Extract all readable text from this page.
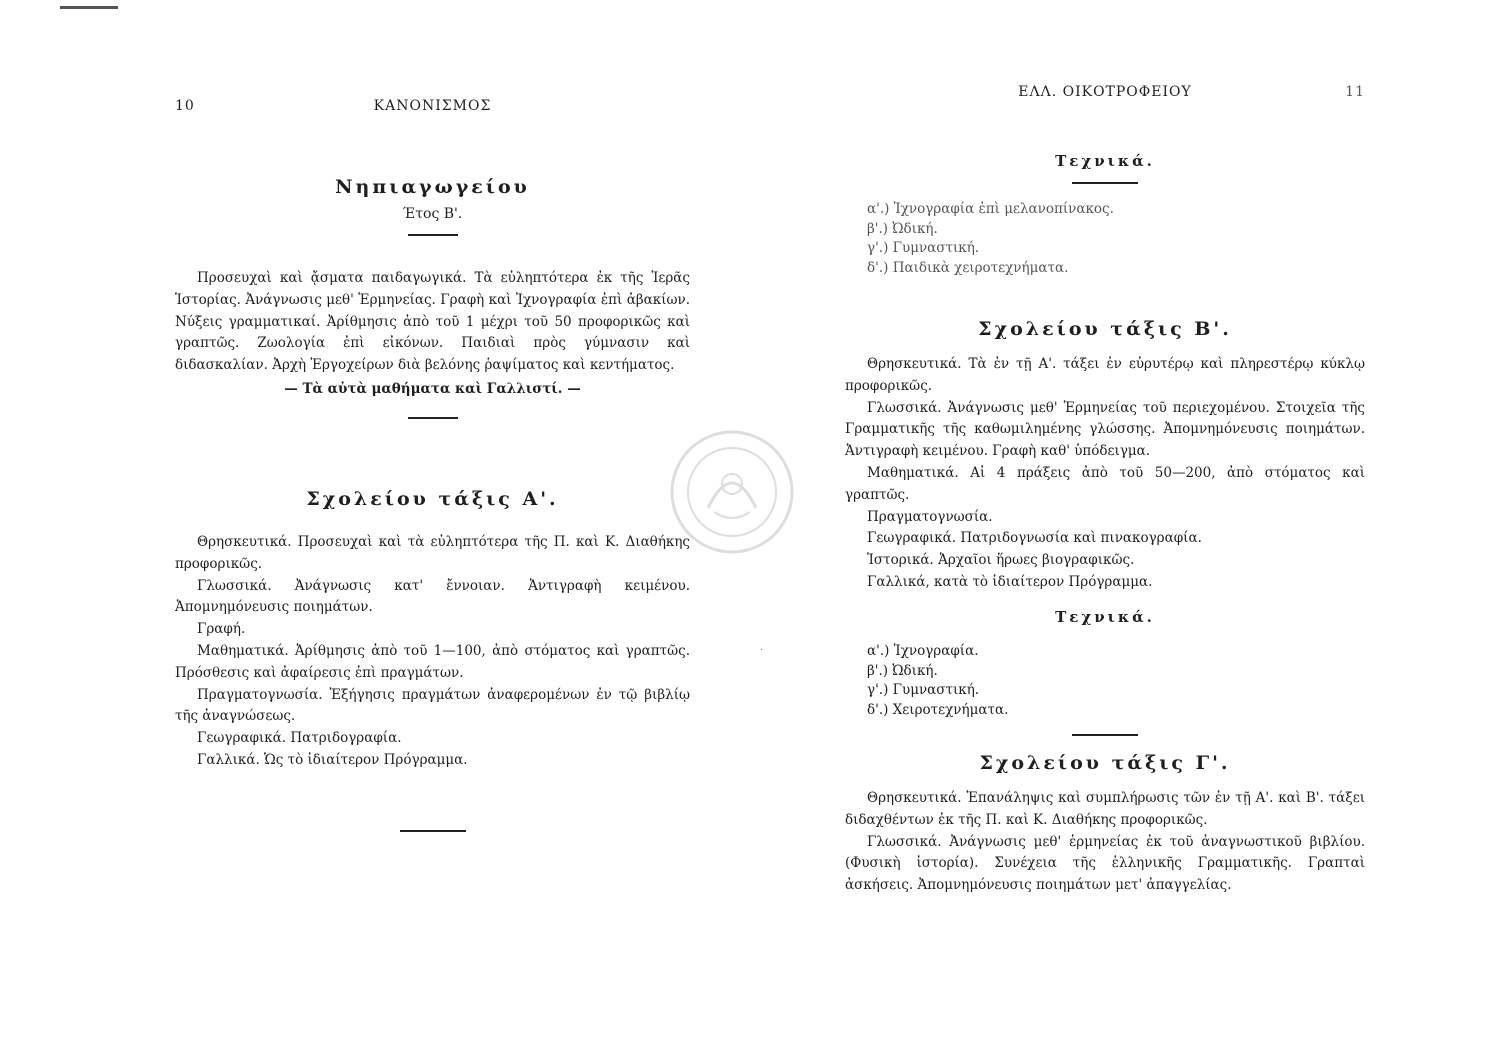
10	ΚΑΝΟΝΙΣΜΟΣ
Νηπιαγωγείου
Έτος Β'.

Προσευχαὶ καὶ ᾄσματα παιδαγωγικά. Τὰ εὐληπτότερα ἐκ τῆς Ἱερᾶς Ἱστορίας. Ἀνάγνωσις μεθ' Ἑρμηνείας. Γραφὴ καὶ Ἰχνογραφία ἐπὶ ἀβακίων. Νύξεις γραμματικαί. Ἀρίθμησις ἀπὸ τοῦ 1 μέχρι τοῦ 50 προφορικῶς καὶ γραπτῶς. Ζωολογία ἐπὶ εἰκόνων. Παιδιαὶ πρὸς γύμνασιν καὶ διδασκαλίαν. Ἀρχὴ Ἐργοχείρων διὰ βελόνης ῥαψίματος καὶ κεντήματος.

— Τὰ αὐτὰ μαθήματα καὶ Γαλλιστί. —
Σχολείου τάξις Α'.

Θρησκευτικά. Προσευχαὶ καὶ τὰ εὐληπτότερα τῆς Π. καὶ Κ. Διαθήκης προφορικῶς.

Γλωσσικά. Ἀνάγνωσις κατ' ἔννοιαν. Ἀντιγραφὴ κειμένου. Ἀπομνημόνευσις ποιημάτων.

Γραφή.

Μαθηματικά. Ἀρίθμησις ἀπὸ τοῦ 1—100, ἀπὸ στόματος καὶ γραπτῶς. Πρόσθεσις καὶ ἀφαίρεσις ἐπὶ πραγμάτων.

Πραγματογνωσία. Ἐξήγησις πραγμάτων ἀναφερομένων ἐν τῷ βιβλίῳ τῆς ἀναγνώσεως.

Γεωγραφικά. Πατριδογραφία.

Γαλλικά. Ὡς τὸ ἰδιαίτερον Πρόγραμμα.

ΕΛΛ. ΟΙΚΟΤΡΟΦΕΙΟΥ	11
Τεχνικά.
α'.) Ἰχνογραφία ἐπὶ μελανοπίνακος.
β'.) Ὠδική.
γ'.) Γυμναστική.
δ'.) Παιδικὰ χειροτεχνήματα.
Σχολείου τάξις Β'.

Θρησκευτικά. Τὰ ἐν τῇ Α'. τάξει ἐν εὐρυτέρῳ καὶ πληρεστέρῳ κύκλῳ προφορικῶς.

Γλωσσικά. Ἀνάγνωσις μεθ' Ἑρμηνείας τοῦ περιεχομένου. Στοιχεῖα τῆς Γραμματικῆς τῆς καθωμιλημένης γλώσσης. Ἀπομνημόνευσις ποιημάτων. Ἀντιγραφὴ κειμένου. Γραφὴ καθ' ὑπόδειγμα.

Μαθηματικά. Αἱ 4 πράξεις ἀπὸ τοῦ 50—200, ἀπὸ στόματος καὶ γραπτῶς.

Πραγματογνωσία.

Γεωγραφικά. Πατριδογνωσία καὶ πινακογραφία.

Ἱστορικά. Ἀρχαῖοι ἥρωες βιογραφικῶς.

Γαλλικά, κατὰ τὸ ἰδιαίτερον Πρόγραμμα.

Τεχνικά.
α'.) Ἰχνογραφία.
β'.) Ὠδική.
γ'.) Γυμναστική.
δ'.) Χειροτεχνήματα.
Σχολείου τάξις Γ'.

Θρησκευτικά. Ἐπανάληψις καὶ συμπλήρωσις τῶν ἐν τῇ Α'. καὶ Β'. τάξει διδαχθέντων ἐκ τῆς Π. καὶ Κ. Διαθήκης προφορικῶς.

Γλωσσικά. Ἀνάγνωσις μεθ' ἑρμηνείας ἐκ τοῦ ἀναγνωστικοῦ βιβλίου. (Φυσικὴ ἱστορία). Συνέχεια τῆς ἑλληνικῆς Γραμματικῆς. Γραπταὶ ἀσκήσεις. Ἀπομνημόνευσις ποιημάτων μετ' ἀπαγγελίας.

·
